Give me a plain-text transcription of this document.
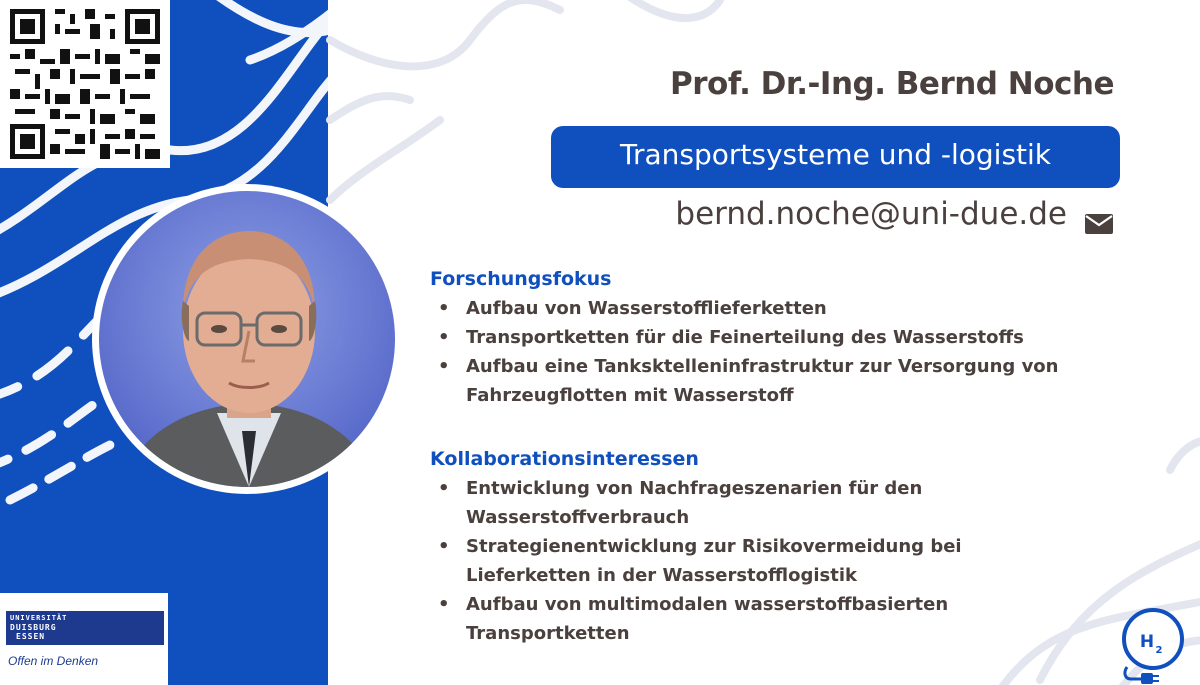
UNIVERSITÄT
DUISBURG
ESSEN
Offen im Denken
Prof. Dr.-Ing. Bernd Noche
Transportsysteme und -logistik
bernd.noche@uni-due.de
Forschungsfokus
• Aufbau von Wasserstofflieferketten
• Transportketten für die Feinerteilung des Wasserstoffs
• Aufbau eine Tanksktelleninfrastruktur zur Versorgung von Fahrzeugflotten mit Wasserstoff
Kollaborationsinteressen
• Entwicklung von Nachfrageszenarien für den Wasserstoffverbrauch
• Strategienentwicklung zur Risikovermeidung bei Lieferketten in der Wasserstofflogistik
• Aufbau von multimodalen wasserstoffbasierten Transportketten	H 2
